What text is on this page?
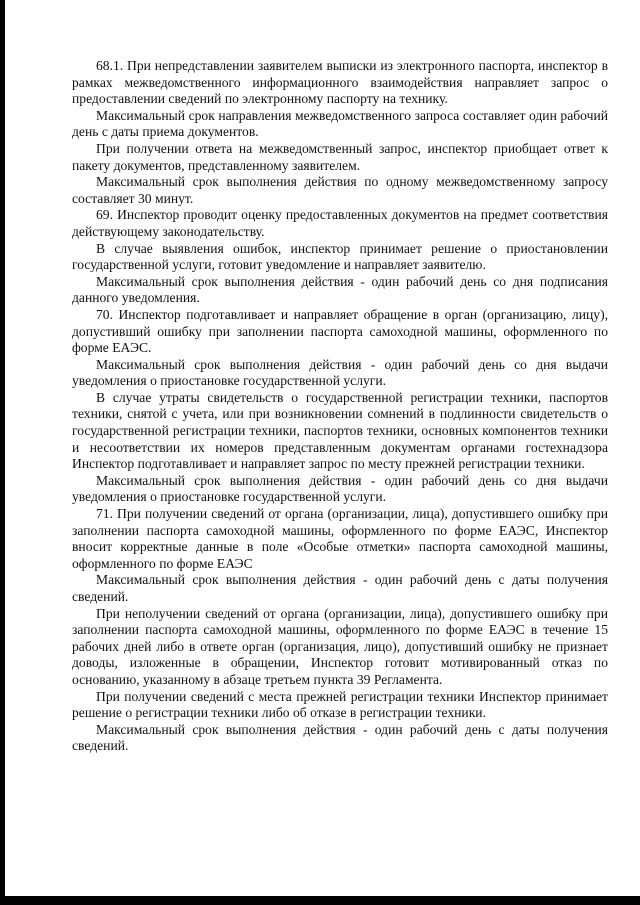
68.1. При непредставлении заявителем выписки из электронного паспорта, инспектор в рамках межведомственного информационного взаимодействия направляет запрос о предоставлении сведений по электронному паспорту на технику.

Максимальный срок направления межведомственного запроса составляет один рабочий день с даты приема документов.

При получении ответа на межведомственный запрос, инспектор приобщает ответ к пакету документов, представленному заявителем.

Максимальный срок выполнения действия по одному межведомственному запросу составляет 30 минут.

69. Инспектор проводит оценку предоставленных документов на предмет соответствия действующему законодательству.

В случае выявления ошибок, инспектор принимает решение о приостановлении государственной услуги, готовит уведомление и направляет заявителю.

Максимальный срок выполнения действия - один рабочий день со дня подписания данного уведомления.

70. Инспектор подготавливает и направляет обращение в орган (организацию, лицу), допустивший ошибку при заполнении паспорта самоходной машины, оформленного по форме ЕАЭС.

Максимальный срок выполнения действия - один рабочий день со дня выдачи уведомления о приостановке государственной услуги.

В случае утраты свидетельств о государственной регистрации техники, паспортов техники, снятой с учета, или при возникновении сомнений в подлинности свидетельств о государственной регистрации техники, паспортов техники, основных компонентов техники и несоответствии их номеров представленным документам органами гостехнадзора Инспектор подготавливает и направляет запрос по месту прежней регистрации техники.

Максимальный срок выполнения действия - один рабочий день со дня выдачи уведомления о приостановке государственной услуги.

71. При получении сведений от органа (организации, лица), допустившего ошибку при заполнении паспорта самоходной машины, оформленного по форме ЕАЭС, Инспектор вносит корректные данные в поле «Особые отметки» паспорта самоходной машины, оформленного по форме ЕАЭС

Максимальный срок выполнения действия - один рабочий день с даты получения сведений.

При неполучении сведений от органа (организации, лица), допустившего ошибку при заполнении паспорта самоходной машины, оформленного по форме ЕАЭС в течение 15 рабочих дней либо в ответе орган (организация, лицо), допустивший ошибку не признает доводы, изложенные в обращении, Инспектор готовит мотивированный отказ по основанию, указанному в абзаце третьем пункта 39 Регламента.

При получении сведений с места прежней регистрации техники Инспектор принимает решение о регистрации техники либо об отказе в регистрации техники.

Максимальный срок выполнения действия - один рабочий день с даты получения сведений.
